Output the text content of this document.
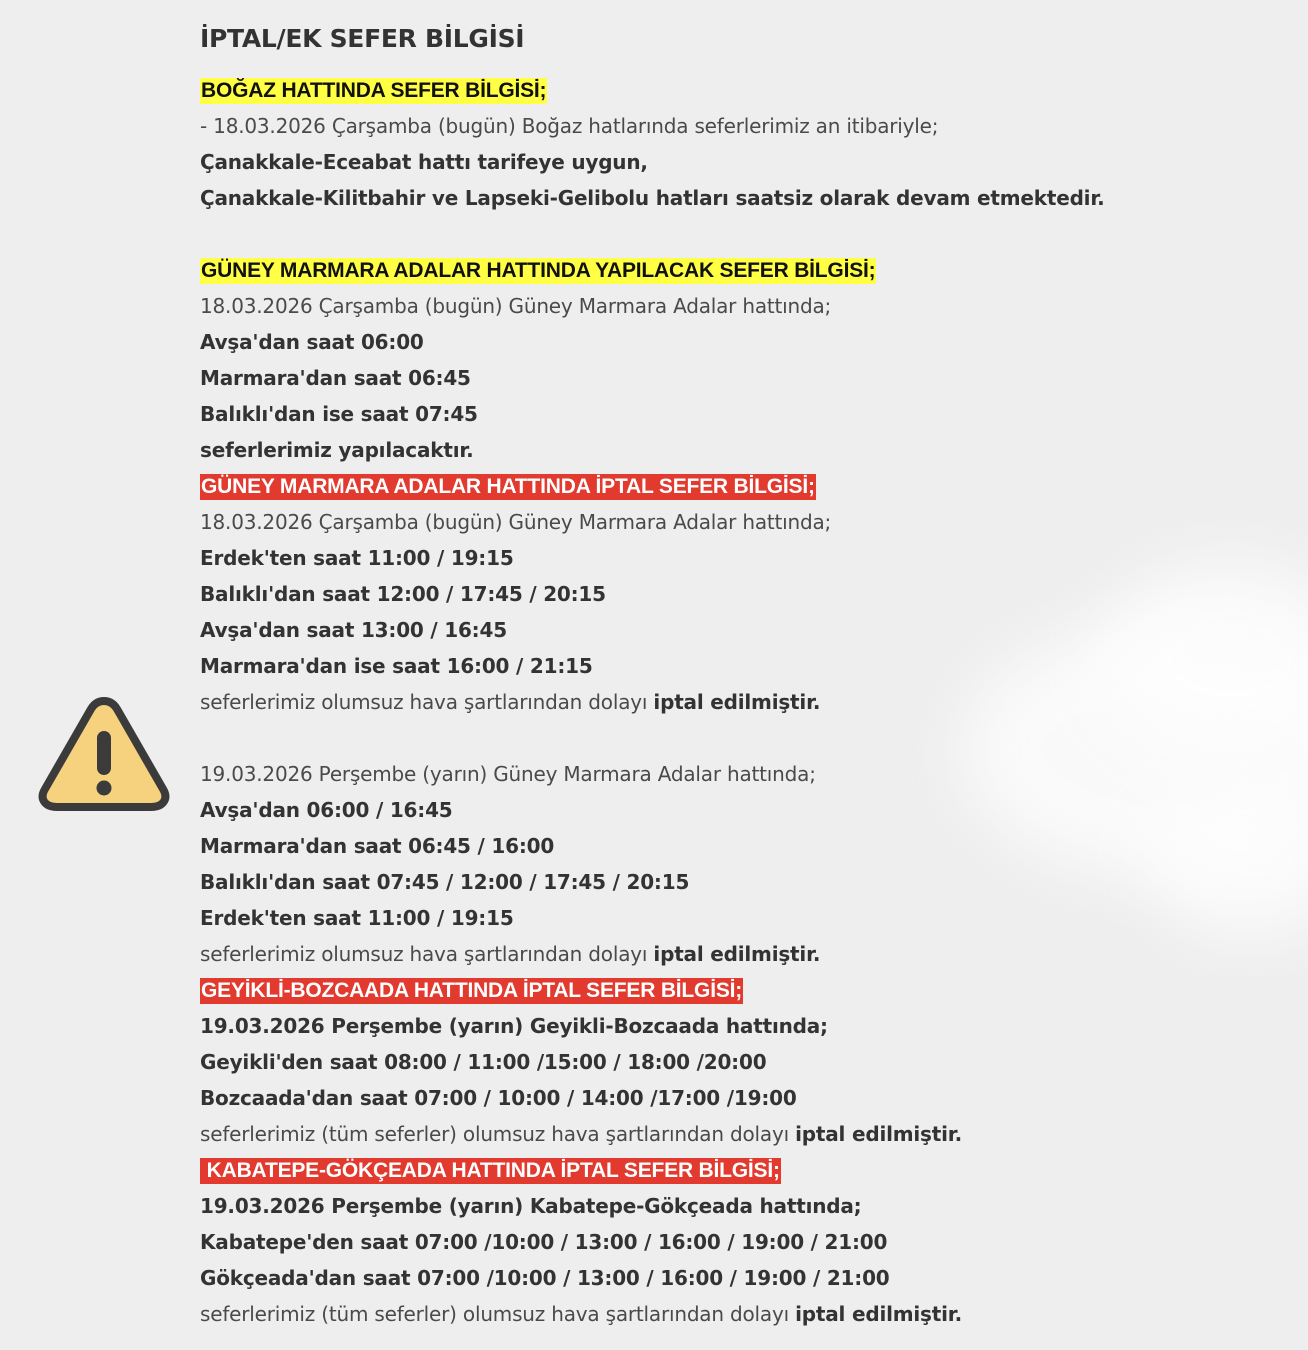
İPTAL/EK SEFER BİLGİSİ
BOĞAZ HATTINDA SEFER BİLGİSİ;
- 18.03.2026 Çarşamba (bugün) Boğaz hatlarında seferlerimiz an itibariyle;
Çanakkale-Eceabat hattı tarifeye uygun,
Çanakkale-Kilitbahir ve Lapseki-Gelibolu hatları saatsiz olarak devam etmektedir.
GÜNEY MARMARA ADALAR HATTINDA YAPILACAK SEFER BİLGİSİ;
18.03.2026 Çarşamba (bugün) Güney Marmara Adalar hattında;
Avşa'dan saat 06:00
Marmara'dan saat 06:45
Balıklı'dan ise saat 07:45
seferlerimiz yapılacaktır.
GÜNEY MARMARA ADALAR HATTINDA İPTAL SEFER BİLGİSİ;
18.03.2026 Çarşamba (bugün) Güney Marmara Adalar hattında;
Erdek'ten saat 11:00 / 19:15
Balıklı'dan saat 12:00 / 17:45 / 20:15
Avşa'dan saat 13:00 / 16:45
Marmara'dan ise saat 16:00 / 21:15
seferlerimiz olumsuz hava şartlarından dolayı iptal edilmiştir.
19.03.2026 Perşembe (yarın) Güney Marmara Adalar hattında;
Avşa'dan 06:00 / 16:45
Marmara'dan saat 06:45 / 16:00
Balıklı'dan saat 07:45 / 12:00 / 17:45 / 20:15
Erdek'ten saat 11:00 / 19:15
seferlerimiz olumsuz hava şartlarından dolayı iptal edilmiştir.
GEYİKLİ-BOZCAADA HATTINDA İPTAL SEFER BİLGİSİ;
19.03.2026 Perşembe (yarın) Geyikli-Bozcaada hattında;
Geyikli'den saat 08:00 / 11:00 /15:00 / 18:00 /20:00
Bozcaada'dan saat 07:00 / 10:00 / 14:00 /17:00 /19:00
seferlerimiz (tüm seferler) olumsuz hava şartlarından dolayı iptal edilmiştir.
KABATEPE-GÖKÇEADA HATTINDA İPTAL SEFER BİLGİSİ;
19.03.2026 Perşembe (yarın) Kabatepe-Gökçeada hattında;
Kabatepe'den saat 07:00 /10:00 / 13:00 / 16:00 / 19:00 / 21:00
Gökçeada'dan saat 07:00 /10:00 / 13:00 / 16:00 / 19:00 / 21:00
seferlerimiz (tüm seferler) olumsuz hava şartlarından dolayı iptal edilmiştir.
